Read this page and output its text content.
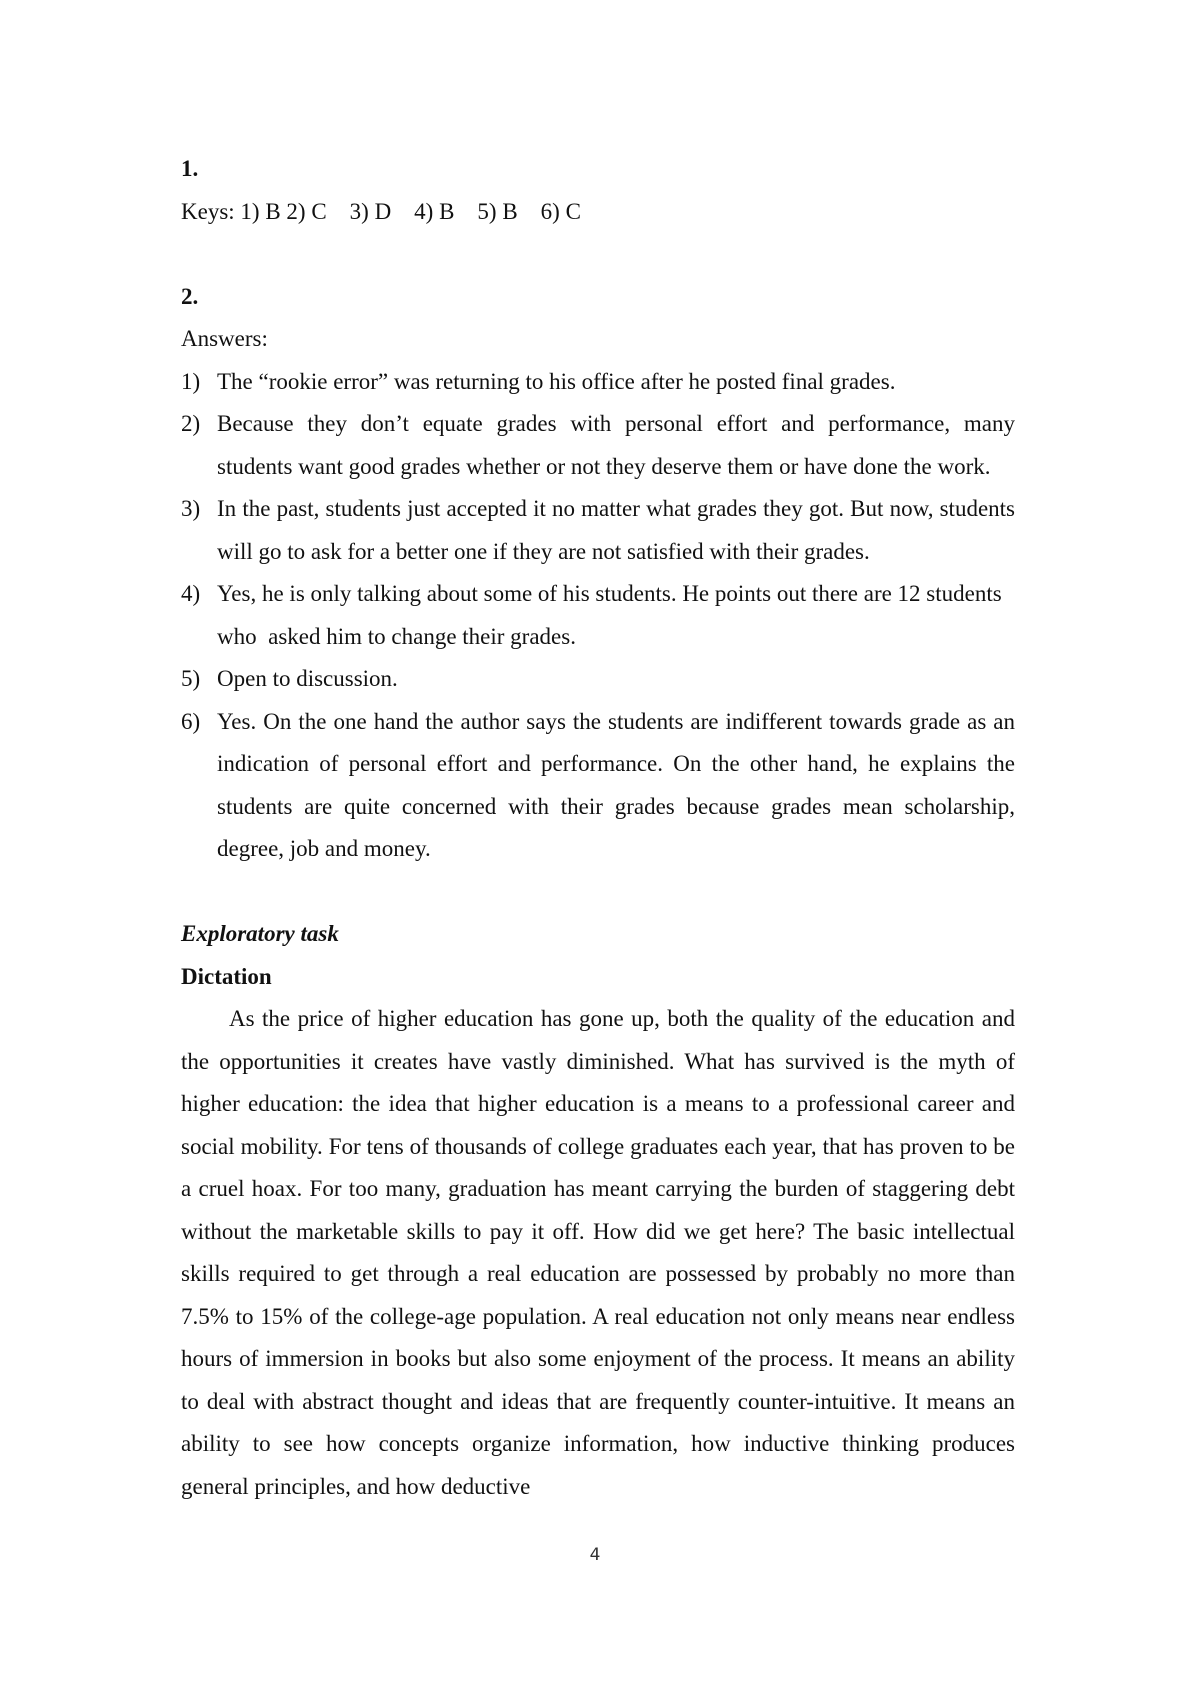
1.

Keys: 1) B 2) C    3) D    4) B    5) B    6) C

2.

Answers:

1) The “rookie error” was returning to his office after he posted final grades.
2) Because they don’t equate grades with personal effort and performance, many students want good grades whether or not they deserve them or have done the work.
3) In the past, students just accepted it no matter what grades they got. But now, students will go to ask for a better one if they are not satisfied with their grades.
4) Yes, he is only talking about some of his students. He points out there are 12 students who  asked him to change their grades.
5) Open to discussion.
6) Yes. On the one hand the author says the students are indifferent towards grade as an indication of personal effort and performance. On the other hand, he explains the students are quite concerned with their grades because grades mean scholarship, degree, job and money.

Exploratory task

Dictation

As the price of higher education has gone up, both the quality of the education and the opportunities it creates have vastly diminished. What has survived is the myth of higher education: the idea that higher education is a means to a professional career and social mobility. For tens of thousands of college graduates each year, that has proven to be a cruel hoax. For too many, graduation has meant carrying the burden of staggering debt without the marketable skills to pay it off. How did we get here? The basic intellectual skills required to get through a real education are possessed by probably no more than 7.5% to 15% of the college-age population. A real education not only means near endless hours of immersion in books but also some enjoyment of the process. It means an ability to deal with abstract thought and ideas that are frequently counter-intuitive. It means an ability to see how concepts organize information, how inductive thinking produces general principles, and how deductive

4
